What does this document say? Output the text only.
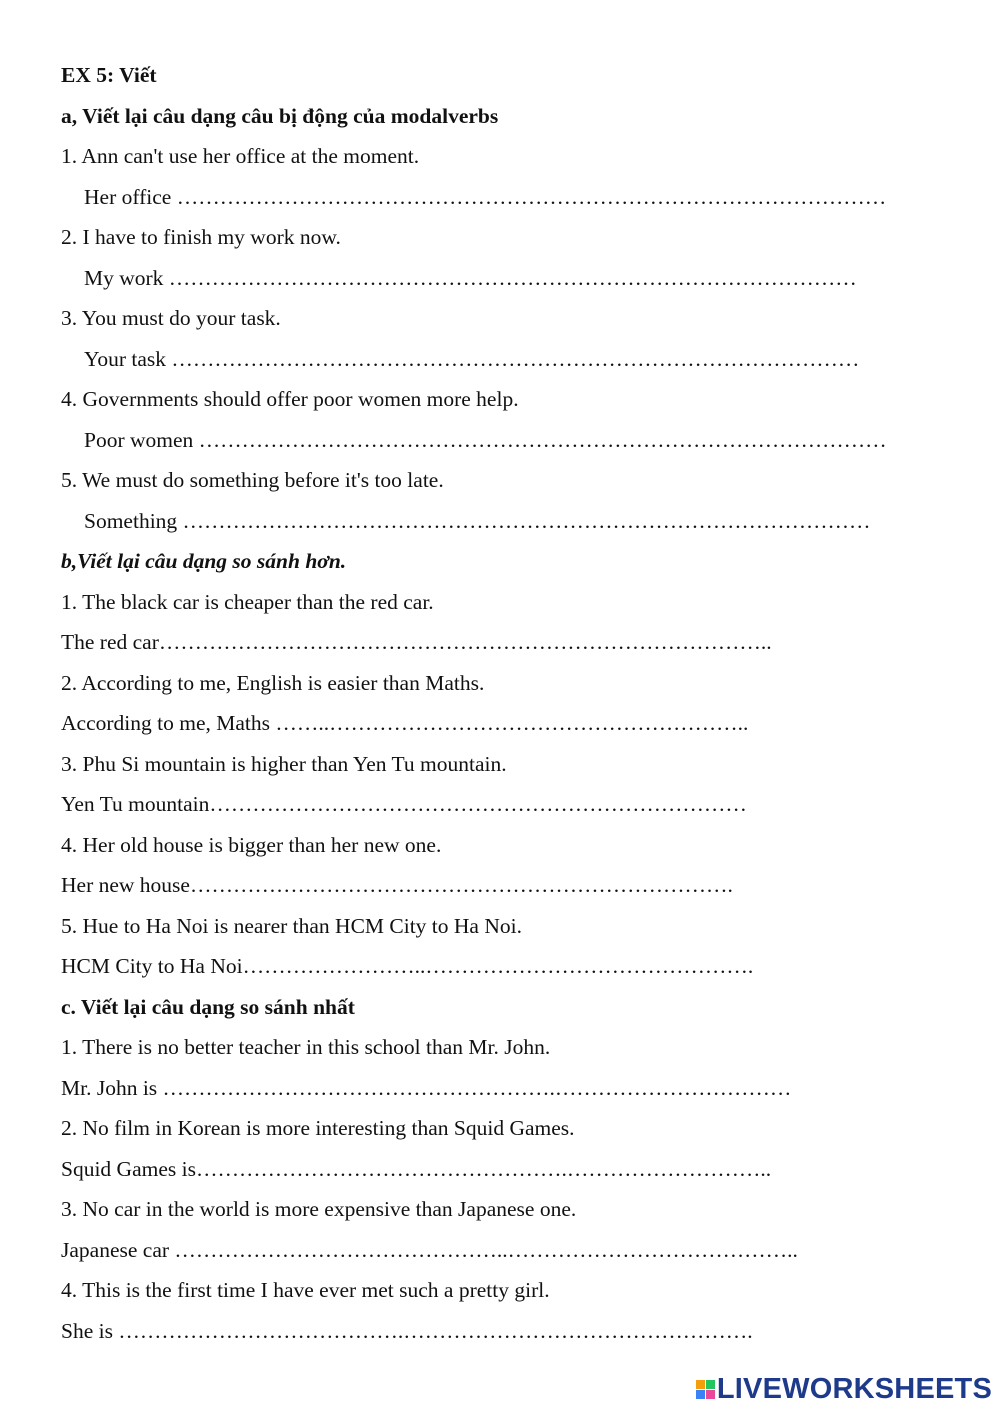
EX 5: Viết
a, Viết lại câu dạng câu bị động của modalverbs
1. Ann can't use her office at the moment.
Her office ………………………………………………………………………………………
2. I have to finish my work now.
My work ……………………………………………………………………………………
3. You must do your task.
Your task ……………………………………………………………………………………
4. Governments should offer poor women more help.
Poor women ……………………………………………………………………………………
5. We must do something before it's too late.
Something ……………………………………………………………………………………
b,Viết lại câu dạng so sánh hơn.
1. The black car is cheaper than the red car.
The red car…………………………………………………………………………..
2. According to me, English is easier than Maths.
According to me, Maths ……..…………………………………………………..
3. Phu Si mountain is higher than Yen Tu mountain.
Yen Tu mountain…………………………………………………………………
4. Her old house is bigger than her new one.
Her new house………………………………………………………………….
5. Hue to Ha Noi is nearer than HCM City to Ha Noi.
HCM City to Ha Noi……………………..……………………………………….
c. Viết lại câu dạng so sánh nhất
1. There is no better teacher in this school than Mr. John.
Mr. John is ……………………………………………….……………………………
2. No film in Korean is more interesting than Squid Games.
Squid Games is…………………………………………….………………………..
3. No car in the world is more expensive than Japanese one.
Japanese car ………………………………………..…………………………………..
4. This is the first time I have ever met such a pretty girl.
She is ………………………………….………………………………………….
LIVEWORKSHEETS
